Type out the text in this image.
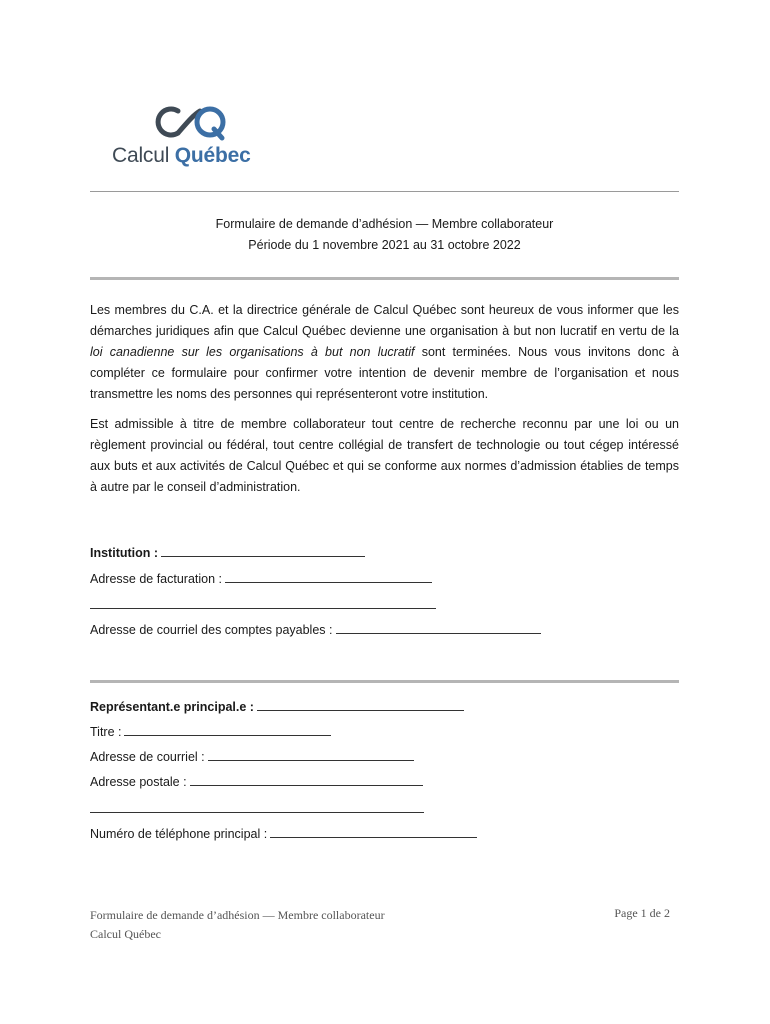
Calcul Québec
Formulaire de demande d’adhésion — Membre collaborateur
Période du 1 novembre 2021 au 31 octobre 2022
Les membres du C.A. et la directrice générale de Calcul Québec sont heureux de vous informer que les démarches juridiques afin que Calcul Québec devienne une organisation à but non lucratif en vertu de la loi canadienne sur les organisations à but non lucratif sont terminées. Nous vous invitons donc à compléter ce formulaire pour confirmer votre intention de devenir membre de l’organisation et nous transmettre les noms des personnes qui représenteront votre institution.
Est admissible à titre de membre collaborateur tout centre de recherche reconnu par une loi ou un règlement provincial ou fédéral, tout centre collégial de transfert de technologie ou tout cégep intéressé aux buts et aux activités de Calcul Québec et qui se conforme aux normes d’admission établies de temps à autre par le conseil d’administration.
Institution :
Adresse de facturation :
Adresse de courriel des comptes payables :
Représentant.e principal.e :
Titre :
Adresse de courriel :
Adresse postale :
Numéro de téléphone principal :
Formulaire de demande d’adhésion — Membre collaborateur
Calcul Québec
Page 1 de 2
